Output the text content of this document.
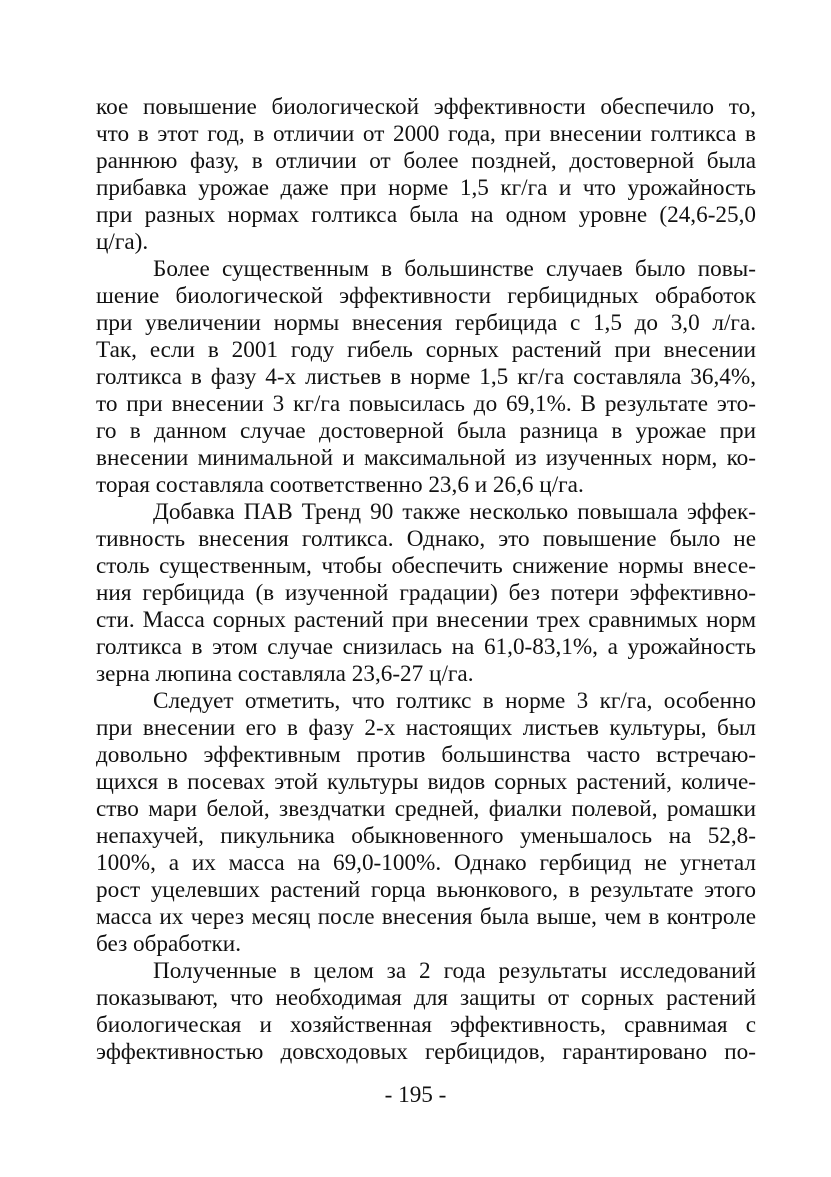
кое повышение биологической эффективности обеспечило то,
что в этот год, в отличии от 2000 года, при внесении голтикса в
раннюю фазу, в отличии от более поздней, достоверной была
прибавка урожае даже при норме 1,5 кг/га и что урожайность
при разных нормах голтикса была на одном уровне (24,6-25,0
ц/га).
Более существенным в большинстве случаев было повы-
шение биологической эффективности гербицидных обработок
при увеличении нормы внесения гербицида с 1,5 до 3,0 л/га.
Так, если в 2001 году гибель сорных растений при внесении
голтикса в фазу 4-х листьев в норме 1,5 кг/га составляла 36,4%,
то при внесении 3 кг/га повысилась до 69,1%. В результате это-
го в данном случае достоверной была разница в урожае при
внесении минимальной и максимальной из изученных норм, ко-
торая составляла соответственно 23,6 и 26,6 ц/га.
Добавка ПАВ Тренд 90 также несколько повышала эффек-
тивность внесения голтикса. Однако, это повышение было не
столь существенным, чтобы обеспечить снижение нормы внесе-
ния гербицида (в изученной градации) без потери эффективно-
сти. Масса сорных растений при внесении трех сравнимых норм
голтикса в этом случае снизилась на 61,0-83,1%, а урожайность
зерна люпина составляла 23,6-27 ц/га.
Следует отметить, что голтикс в норме 3 кг/га, особенно
при внесении его в фазу 2-х настоящих листьев культуры, был
довольно эффективным против большинства часто встречаю-
щихся в посевах этой культуры видов сорных растений, количе-
ство мари белой, звездчатки средней, фиалки полевой, ромашки
непахучей, пикульника обыкновенного уменьшалось на 52,8-
100%, а их масса на 69,0-100%. Однако гербицид не угнетал
рост уцелевших растений горца вьюнкового, в результате этого
масса их через месяц после внесения была выше, чем в контроле
без обработки.
Полученные в целом за 2 года результаты исследований
показывают, что необходимая для защиты от сорных растений
биологическая и хозяйственная эффективность, сравнимая с
эффективностью довсходовых гербицидов, гарантировано по-
- 195 -
